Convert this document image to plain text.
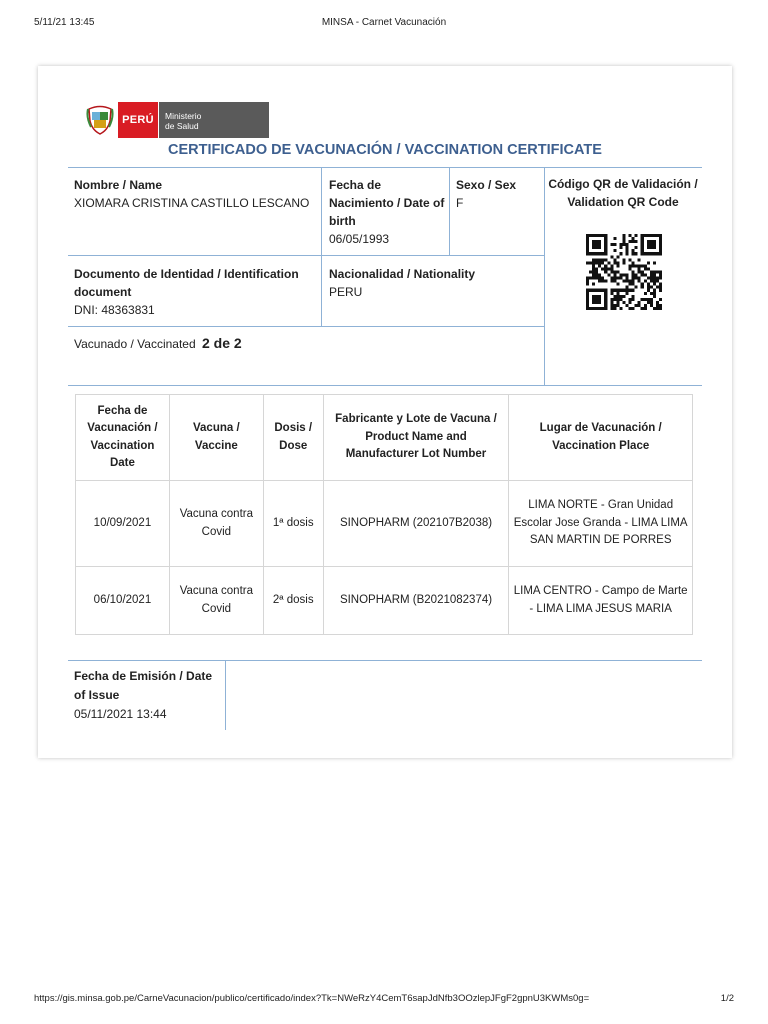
5/11/21 13:45	MINSA - Carnet Vacunación
PERÚ	Ministerio
de Salud
CERTIFICADO DE VACUNACIÓN / VACCINATION CERTIFICATE
Nombre / Name
XIOMARA CRISTINA CASTILLO LESCANO
Fecha de Nacimiento / Date of birth
06/05/1993
Sexo / Sex
F
Código QR de Validación / Validation QR Code
Documento de Identidad / Identification document
DNI: 48363831
Nacionalidad / Nationality
PERU
Vacunado / Vaccinated 2 de 2
Fecha de Vacunación / Vaccination Date	Vacuna / Vaccine	Dosis / Dose	Fabricante y Lote de Vacuna / Product Name and Manufacturer Lot Number	Lugar de Vacunación / Vaccination Place
10/09/2021	Vacuna contra Covid	1ª dosis	SINOPHARM (202107B2038)	LIMA NORTE - Gran Unidad Escolar Jose Granda - LIMA LIMA SAN MARTIN DE PORRES
06/10/2021	Vacuna contra Covid	2ª dosis	SINOPHARM (B2021082374)	LIMA CENTRO - Campo de Marte - LIMA LIMA JESUS MARIA
Fecha de Emisión / Date of Issue
05/11/2021 13:44
https://gis.minsa.gob.pe/CarneVacunacion/publico/certificado/index?Tk=NWeRzY4CemT6sapJdNfb3OOzlepJFgF2gpnU3KWMs0g=	1/2
